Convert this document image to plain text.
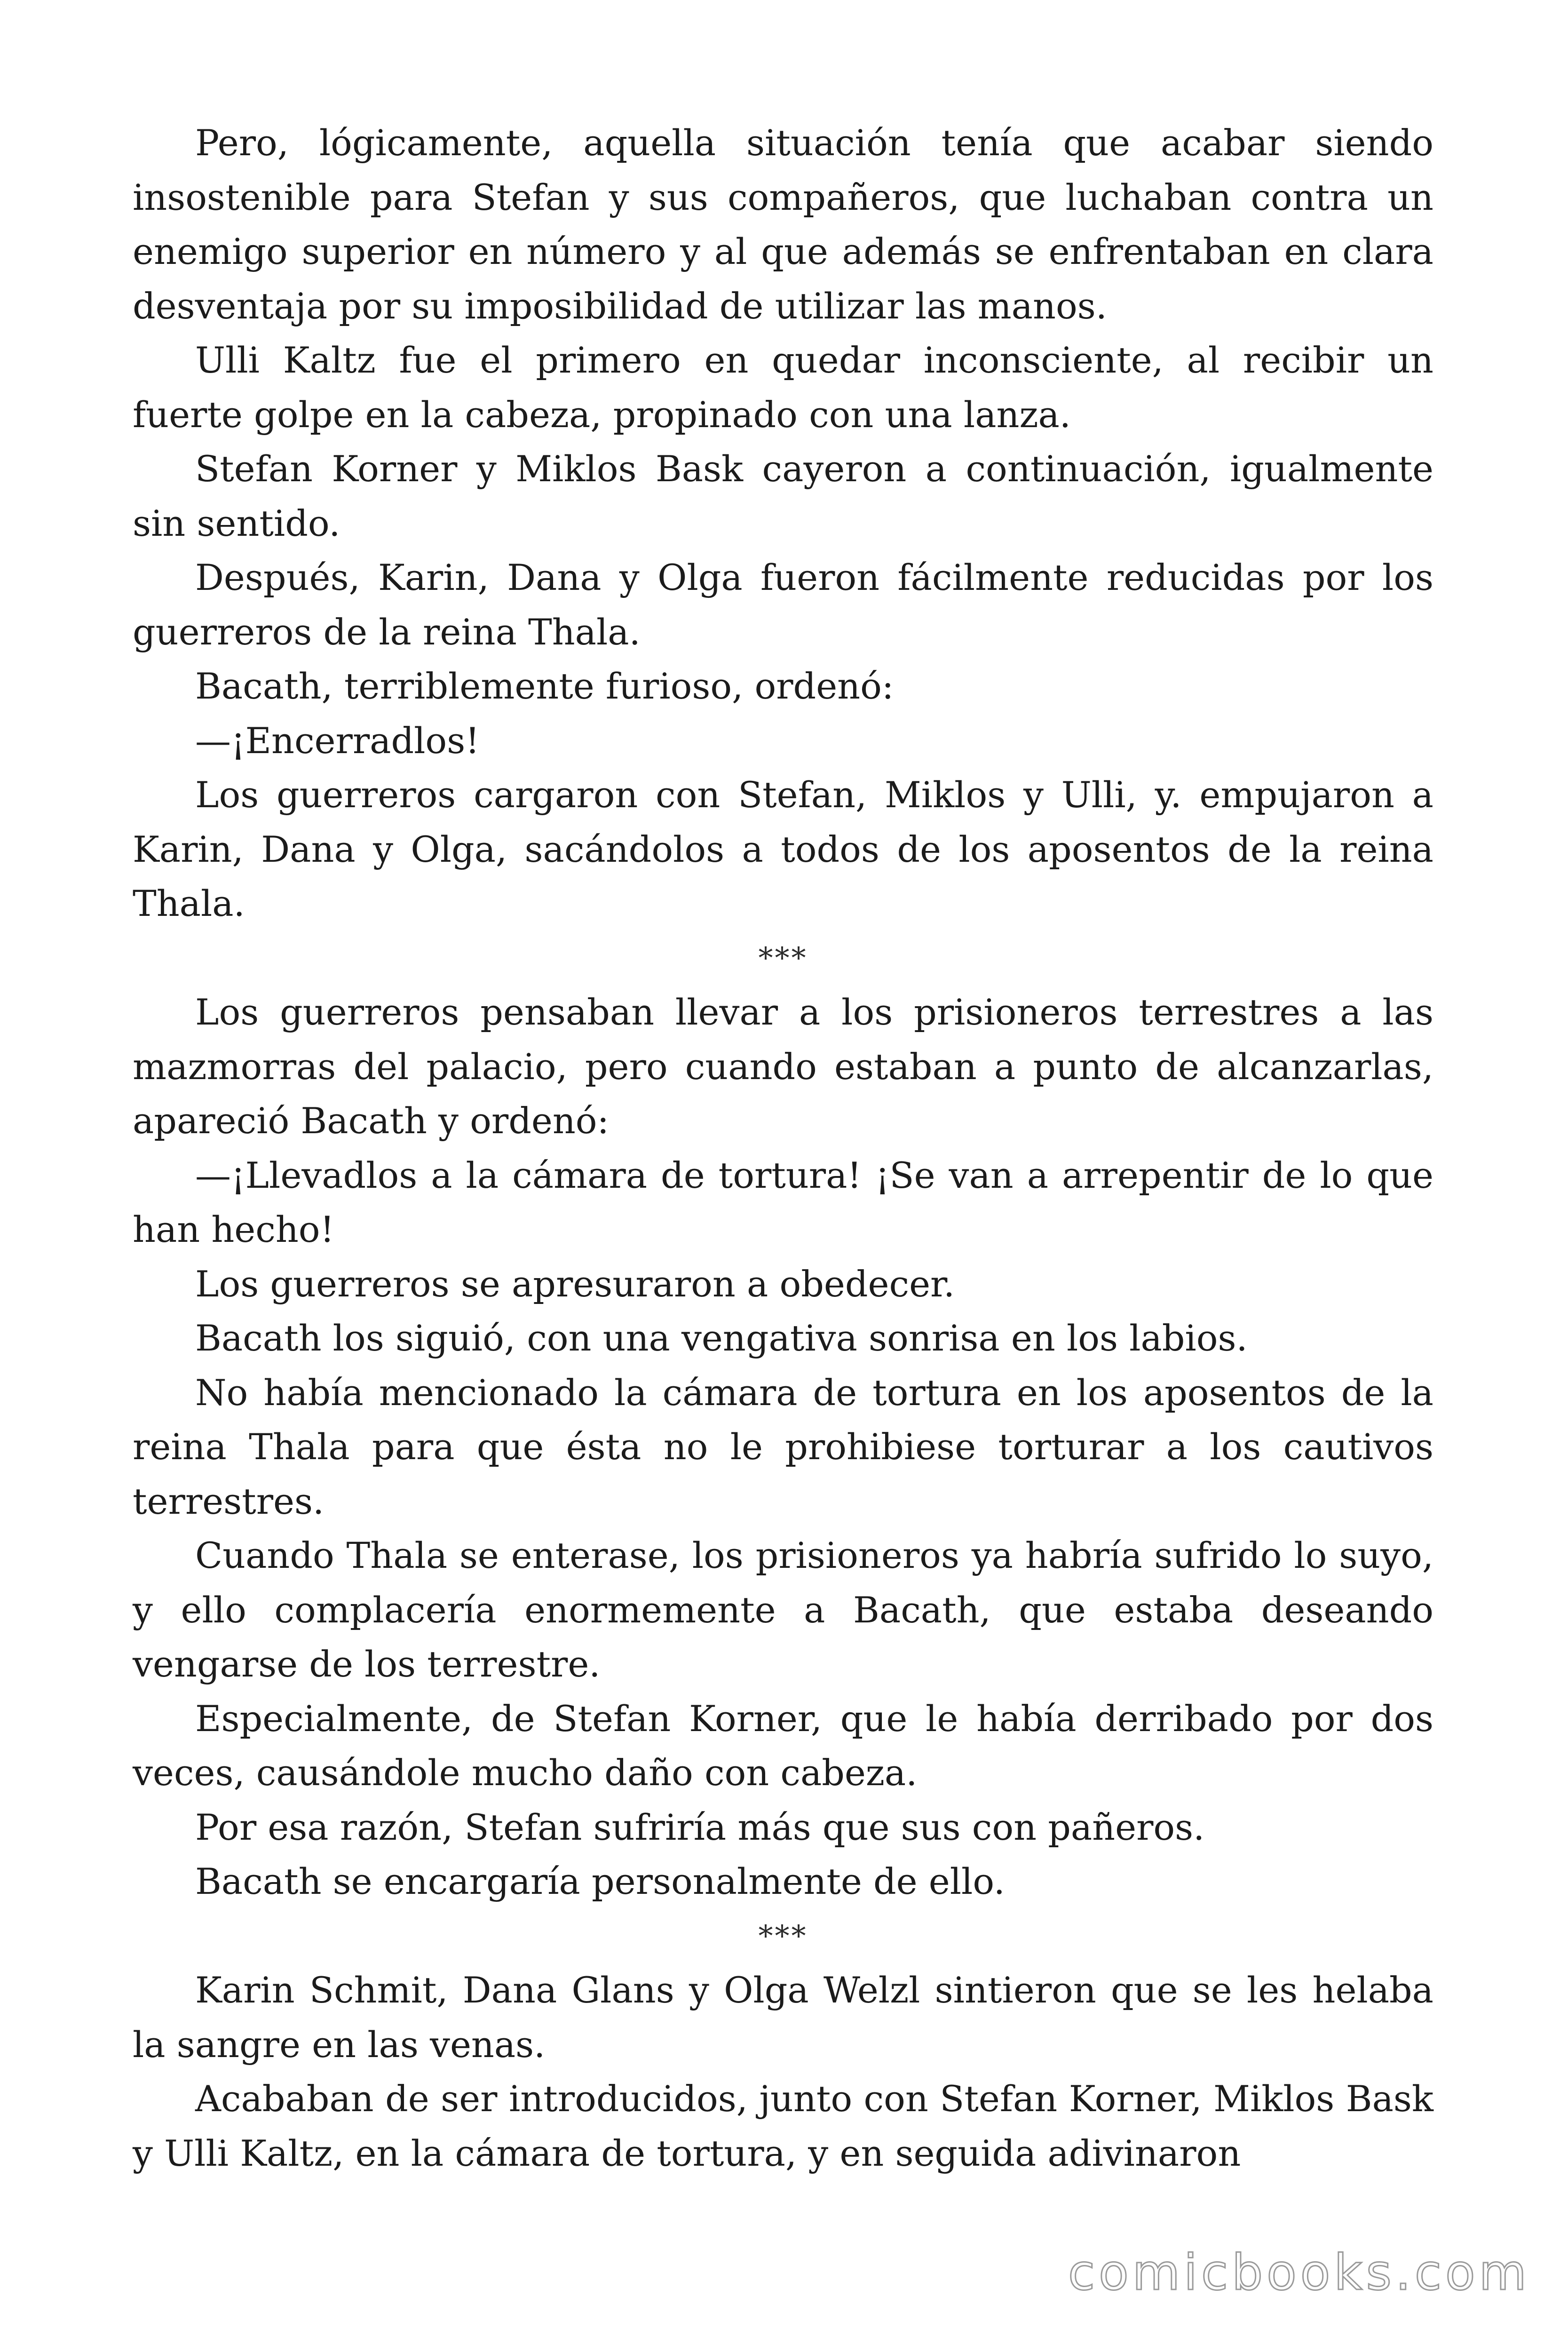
Pero, lógicamente, aquella situación tenía que acabar siendo insostenible para Stefan y sus compañeros, que luchaban contra un enemigo superior en número y al que además se enfrentaban en clara desventaja por su imposibilidad de utilizar las manos.

Ulli Kaltz fue el primero en quedar inconsciente, al recibir un fuerte golpe en la cabeza, propinado con una lanza.

Stefan Korner y Miklos Bask cayeron a continuación, igualmente sin sentido.

Después, Karin, Dana y Olga fueron fácilmente reducidas por los guerreros de la reina Thala.

Bacath, terriblemente furioso, ordenó:

—¡Encerradlos!

Los guerreros cargaron con Stefan, Miklos y Ulli, y. empujaron a Karin, Dana y Olga, sacándolos a todos de los aposentos de la reina Thala.

***

Los guerreros pensaban llevar a los prisioneros terrestres a las mazmorras del palacio, pero cuando estaban a punto de alcanzarlas, apareció Bacath y ordenó:

—¡Llevadlos a la cámara de tortura! ¡Se van a arrepentir de lo que han hecho!

Los guerreros se apresuraron a obedecer.

Bacath los siguió, con una vengativa sonrisa en los labios.

No había mencionado la cámara de tortura en los aposentos de la reina Thala para que ésta no le prohibiese torturar a los cautivos terrestres.

Cuando Thala se enterase, los prisioneros ya habría sufrido lo suyo, y ello complacería enormemente a Bacath, que estaba deseando vengarse de los terrestre.

Especialmente, de Stefan Korner, que le había derribado por dos veces, causándole mucho daño con cabeza.

Por esa razón, Stefan sufriría más que sus con pañeros.

Bacath se encargaría personalmente de ello.

***

Karin Schmit, Dana Glans y Olga Welzl sintieron que se les helaba la sangre en las venas.

Acababan de ser introducidos, junto con Stefan Korner, Miklos Bask y Ulli Kaltz, en la cámara de tortura, y en seguida adivinaron

comicbooks.com
